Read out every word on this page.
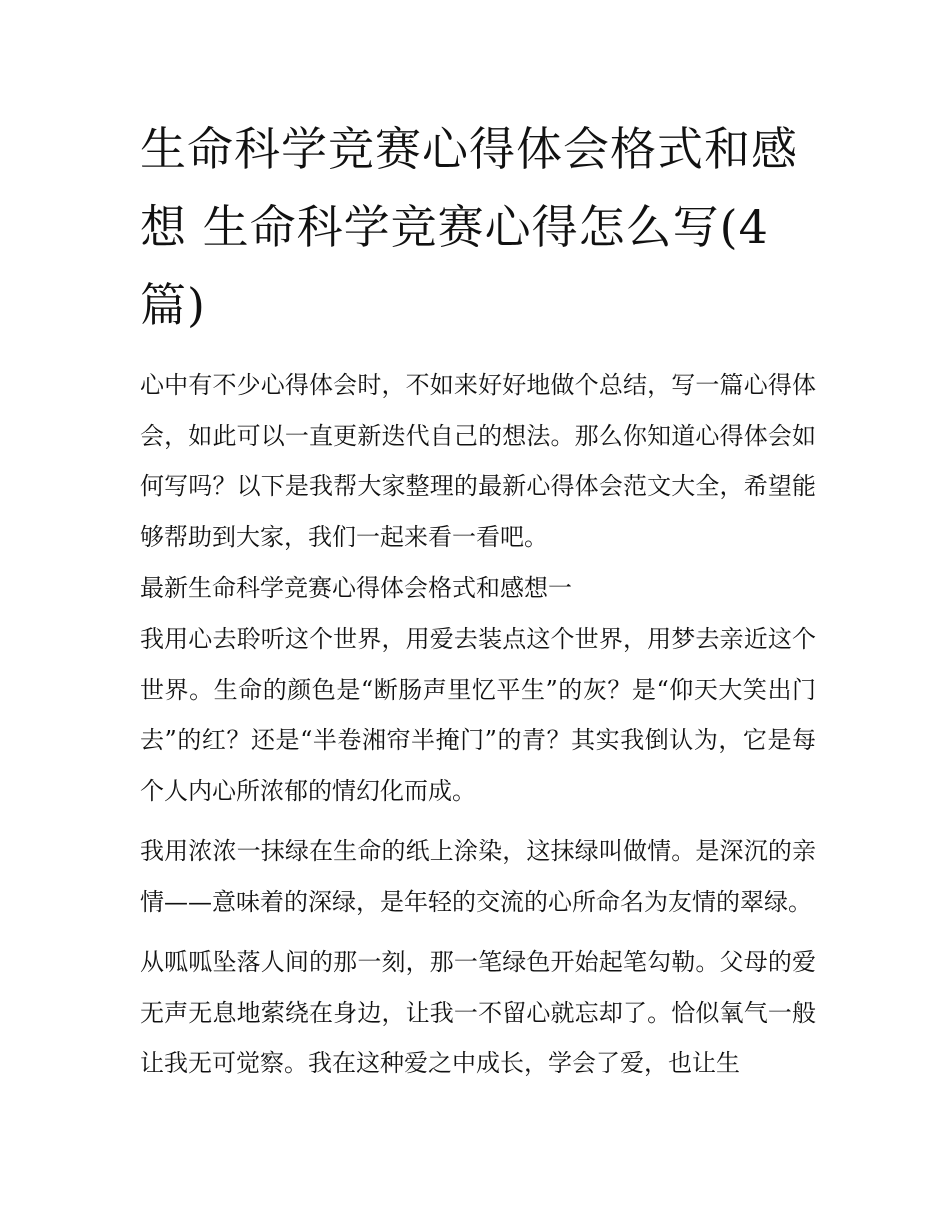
生命科学竞赛心得体会格式和感想 生命科学竞赛心得怎么写(4篇)

心中有不少心得体会时，不如来好好地做个总结，写一篇心得体会，如此可以一直更新迭代自己的想法。那么你知道心得体会如何写吗？以下是我帮大家整理的最新心得体会范文大全，希望能够帮助到大家，我们一起来看一看吧。

最新生命科学竞赛心得体会格式和感想一

我用心去聆听这个世界，用爱去装点这个世界，用梦去亲近这个世界。生命的颜色是“断肠声里忆平生”的灰？是“仰天大笑出门去”的红？还是“半卷湘帘半掩门”的青？其实我倒认为，它是每个人内心所浓郁的情幻化而成。

我用浓浓一抹绿在生命的纸上涂染，这抹绿叫做情。是深沉的亲情——意味着的深绿，是年轻的交流的心所命名为友情的翠绿。

从呱呱坠落人间的那一刻，那一笔绿色开始起笔勾勒。父母的爱无声无息地萦绕在身边，让我一不留心就忘却了。恰似氧气一般让我无可觉察。我在这种爱之中成长，学会了爱，也让生
